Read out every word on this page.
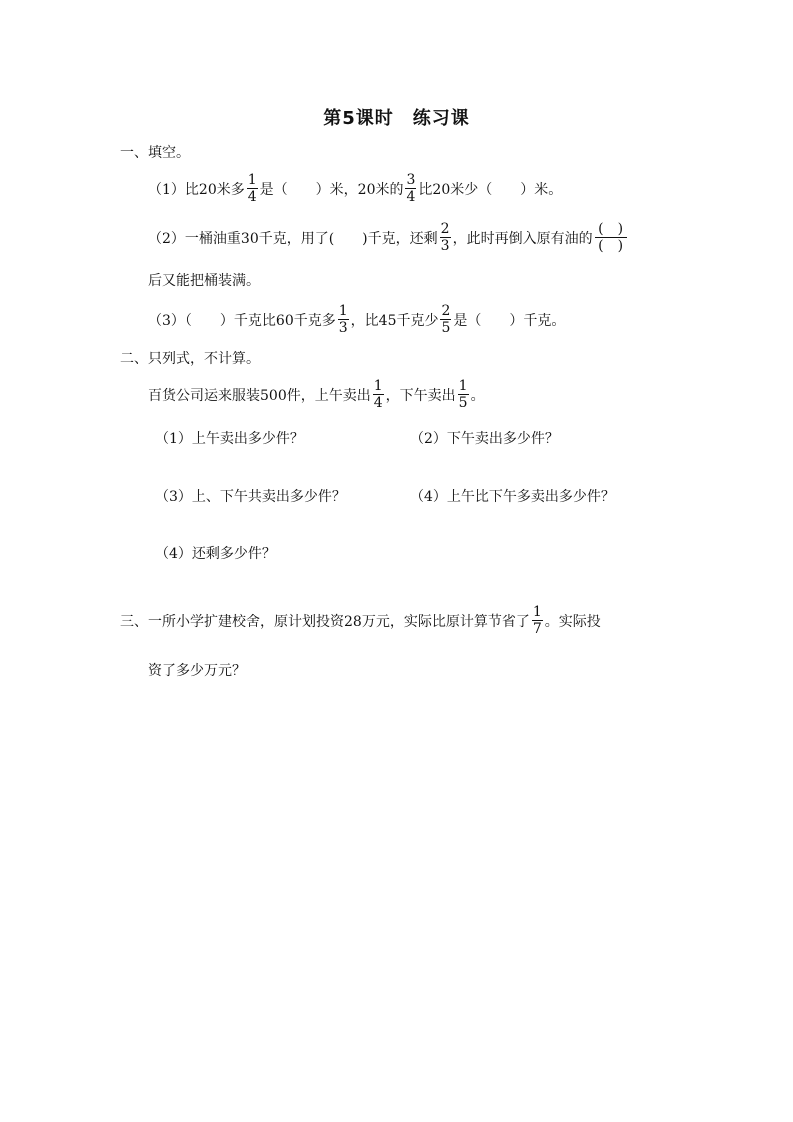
第5课时　练习课
一、填空。
（1）比20米多 $\frac{1}{4}$ 是（　　）米，20米的 $\frac{3}{4}$ 比20米少（　　）米。
（2）一桶油重30千克，用了(　　)千克，还剩 $\frac{2}{3}$ ，此时再倒入原有油的 $\frac{( )}{( )}$
后又能把桶装满。
（3）（　　）千克比60千克多 $\frac{1}{3}$ ，比45千克少 $\frac{2}{5}$ 是（　　）千克。
二、只列式，不计算。
百货公司运来服装500件，上午卖出 $\frac{1}{4}$ ，下午卖出 $\frac{1}{5}$ 。
（1）上午卖出多少件？	（2）下午卖出多少件？
（3）上、下午共卖出多少件？	（4）上午比下午多卖出多少件？
（4）还剩多少件？
三、一所小学扩建校舍，原计划投资28万元，实际比原计算节省了 $\frac{1}{7}$ 。实际投
资了多少万元？
